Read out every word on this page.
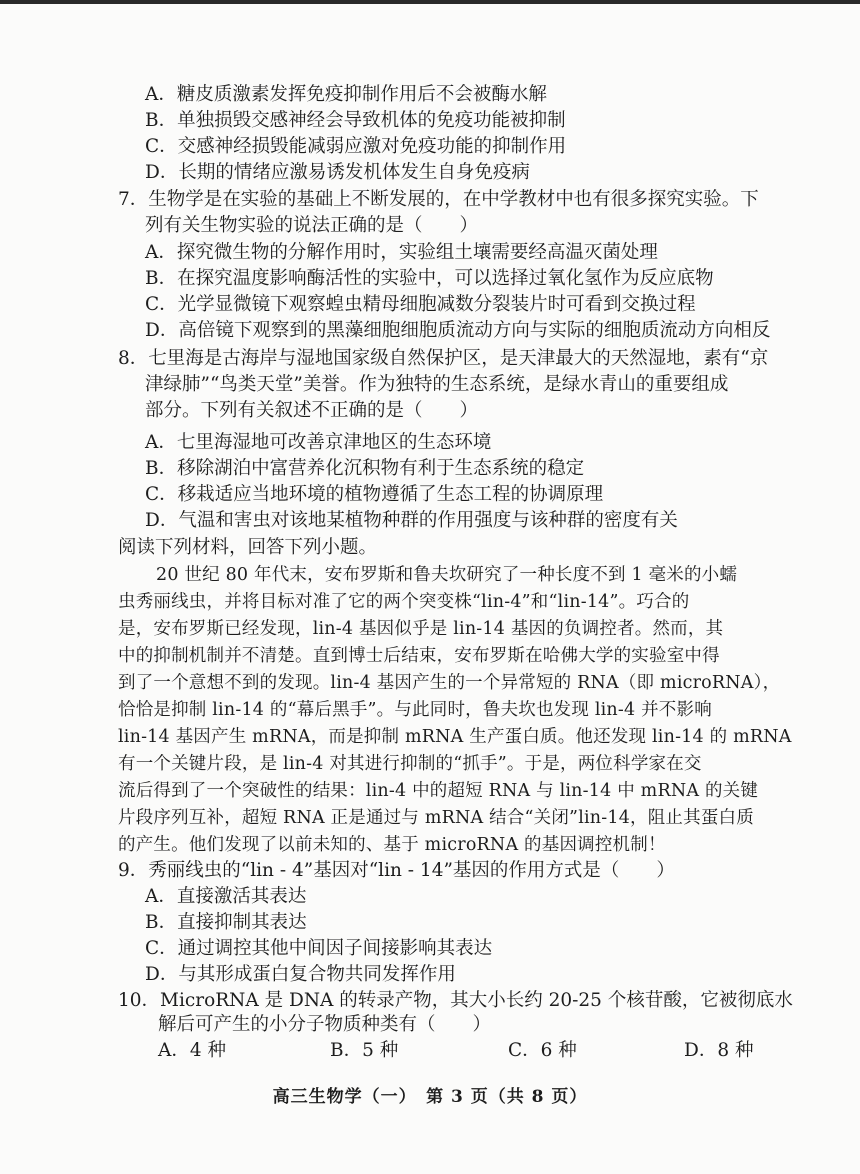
A．糖皮质激素发挥免疫抑制作用后不会被酶水解
B．单独损毁交感神经会导致机体的免疫功能被抑制
C．交感神经损毁能减弱应激对免疫功能的抑制作用
D．长期的情绪应激易诱发机体发生自身免疫病
7．生物学是在实验的基础上不断发展的，在中学教材中也有很多探究实验。下
列有关生物实验的说法正确的是（　　）
A．探究微生物的分解作用时，实验组土壤需要经高温灭菌处理
B．在探究温度影响酶活性的实验中，可以选择过氧化氢作为反应底物
C．光学显微镜下观察蝗虫精母细胞减数分裂装片时可看到交换过程
D．高倍镜下观察到的黑藻细胞细胞质流动方向与实际的细胞质流动方向相反
8．七里海是古海岸与湿地国家级自然保护区，是天津最大的天然湿地，素有“京
津绿肺”“鸟类天堂”美誉。作为独特的生态系统，是绿水青山的重要组成
部分。下列有关叙述不正确的是（　　）
A．七里海湿地可改善京津地区的生态环境
B．移除湖泊中富营养化沉积物有利于生态系统的稳定
C．移栽适应当地环境的植物遵循了生态工程的协调原理
D．气温和害虫对该地某植物种群的作用强度与该种群的密度有关
阅读下列材料，回答下列小题。
20 世纪 80 年代末，安布罗斯和鲁夫坎研究了一种长度不到 1 毫米的小蠕
虫秀丽线虫，并将目标对准了它的两个突变株“lin-4”和“lin-14”。巧合的
是，安布罗斯已经发现，lin-4 基因似乎是 lin-14 基因的负调控者。然而，其
中的抑制机制并不清楚。直到博士后结束，安布罗斯在哈佛大学的实验室中得
到了一个意想不到的发现。lin-4 基因产生的一个异常短的 RNA（即 microRNA），
恰恰是抑制 lin-14 的“幕后黑手”。与此同时，鲁夫坎也发现 lin-4 并不影响
lin-14 基因产生 mRNA，而是抑制 mRNA 生产蛋白质。他还发现 lin-14 的 mRNA
有一个关键片段，是 lin-4 对其进行抑制的“抓手”。于是，两位科学家在交
流后得到了一个突破性的结果：lin-4 中的超短 RNA 与 lin-14 中 mRNA 的关键
片段序列互补，超短 RNA 正是通过与 mRNA 结合“关闭”lin-14，阻止其蛋白质
的产生。他们发现了以前未知的、基于 microRNA 的基因调控机制！
9．秀丽线虫的“lin - 4”基因对“lin - 14”基因的作用方式是（　　）
A．直接激活其表达
B．直接抑制其表达
C．通过调控其他中间因子间接影响其表达
D．与其形成蛋白复合物共同发挥作用
10．MicroRNA 是 DNA 的转录产物，其大小长约 20-25 个核苷酸，它被彻底水
解后可产生的小分子物质种类有（　　）
A．4 种	B．5 种	C．6 种	D．8 种
高三生物学（一）　第 3 页（共 8 页）
